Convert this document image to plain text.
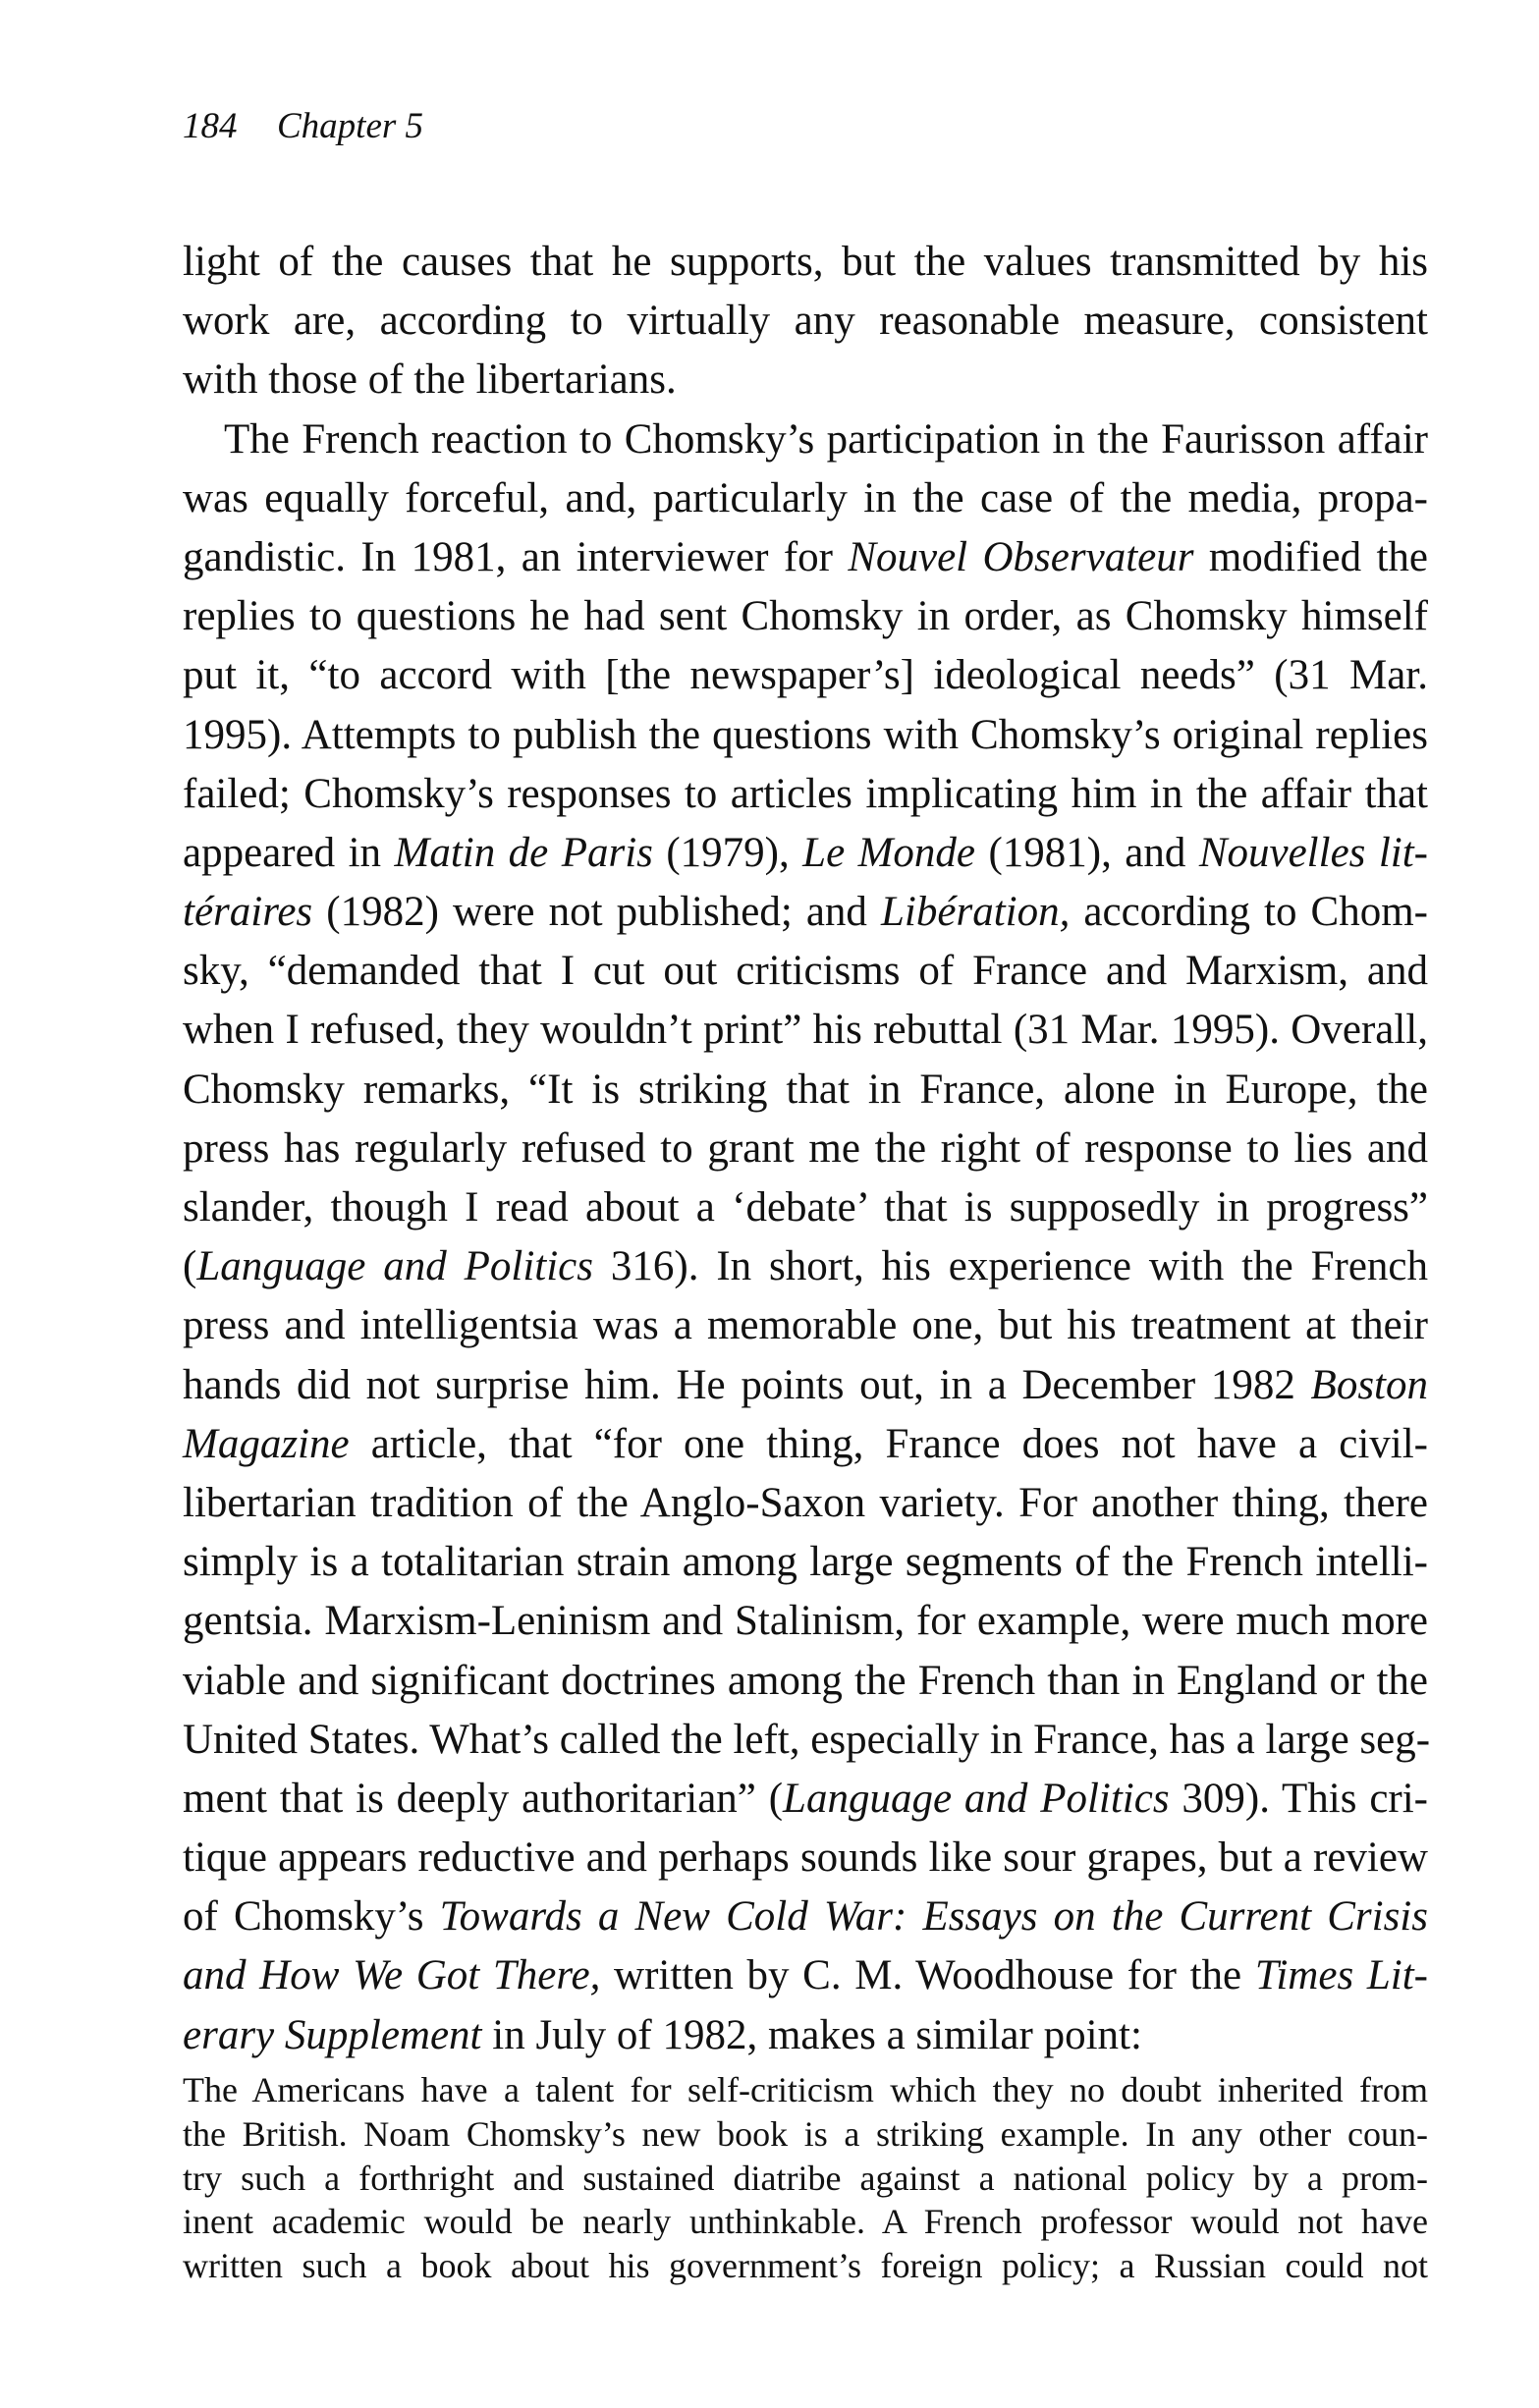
184 Chapter 5
light of the causes that he supports, but the values transmitted by his
work are, according to virtually any reasonable measure, consistent
with those of the libertarians.
The French reaction to Chomsky’s participation in the Faurisson affair
was equally forceful, and, particularly in the case of the media, propa-
gandistic. In 1981, an interviewer for Nouvel Observateur modified the
replies to questions he had sent Chomsky in order, as Chomsky himself
put it, “to accord with [the newspaper’s] ideological needs” (31 Mar.
1995). Attempts to publish the questions with Chomsky’s original replies
failed; Chomsky’s responses to articles implicating him in the affair that
appeared in Matin de Paris (1979), Le Monde (1981), and Nouvelles lit-
téraires (1982) were not published; and Libération, according to Chom-
sky, “demanded that I cut out criticisms of France and Marxism, and
when I refused, they wouldn’t print” his rebuttal (31 Mar. 1995). Overall,
Chomsky remarks, “It is striking that in France, alone in Europe, the
press has regularly refused to grant me the right of response to lies and
slander, though I read about a ‘debate’ that is supposedly in progress”
(Language and Politics 316). In short, his experience with the French
press and intelligentsia was a memorable one, but his treatment at their
hands did not surprise him. He points out, in a December 1982 Boston
Magazine article, that “for one thing, France does not have a civil-
libertarian tradition of the Anglo-Saxon variety. For another thing, there
simply is a totalitarian strain among large segments of the French intelli-
gentsia. Marxism-Leninism and Stalinism, for example, were much more
viable and significant doctrines among the French than in England or the
United States. What’s called the left, especially in France, has a large seg-
ment that is deeply authoritarian” (Language and Politics 309). This cri-
tique appears reductive and perhaps sounds like sour grapes, but a review
of Chomsky’s Towards a New Cold War: Essays on the Current Crisis
and How We Got There, written by C. M. Woodhouse for the Times Lit-
erary Supplement in July of 1982, makes a similar point:
The Americans have a talent for self-criticism which they no doubt inherited from
the British. Noam Chomsky’s new book is a striking example. In any other coun-
try such a forthright and sustained diatribe against a national policy by a prom-
inent academic would be nearly unthinkable. A French professor would not have
written such a book about his government’s foreign policy; a Russian could not
